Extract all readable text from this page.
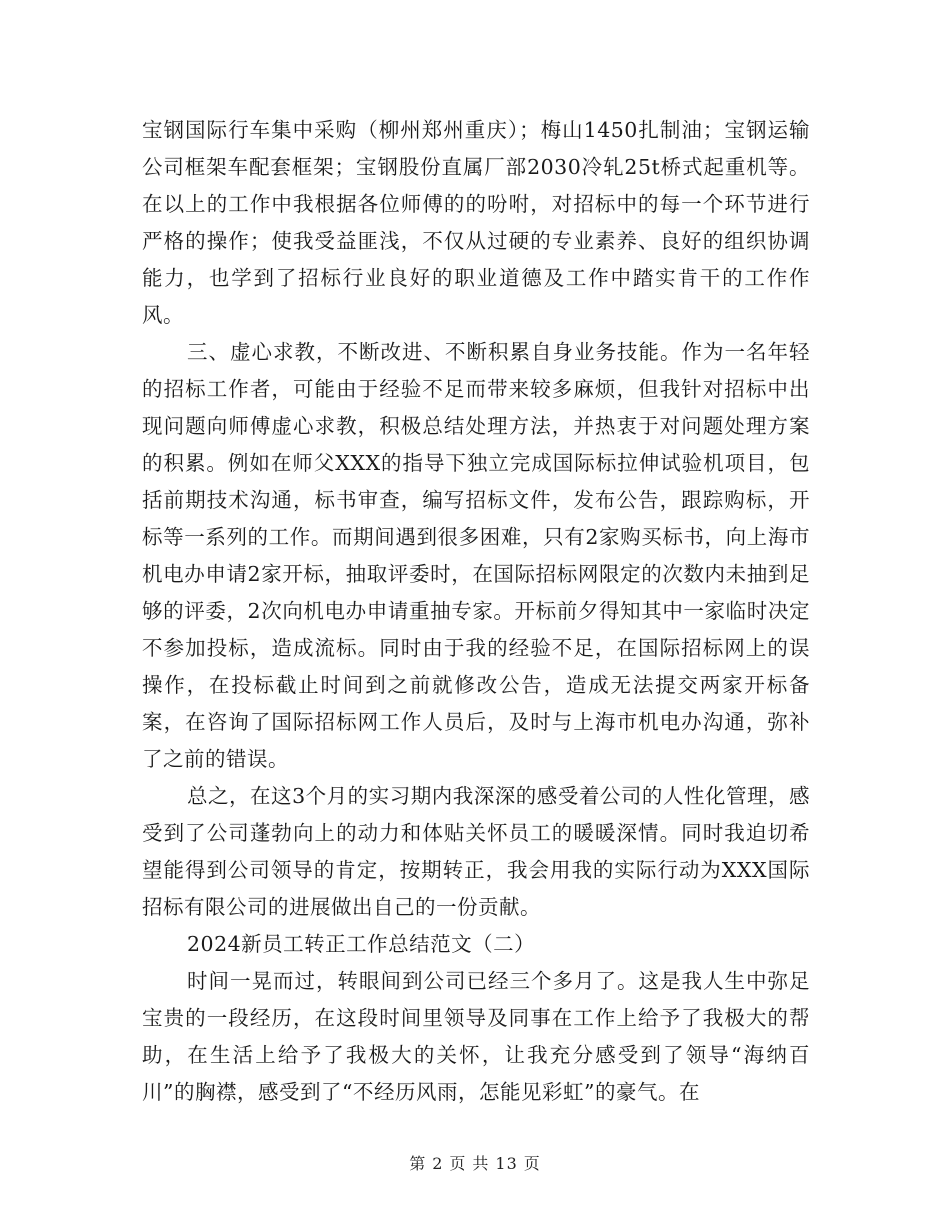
宝钢国际行车集中采购（柳州郑州重庆）；梅山1450扎制油；宝钢运输公司框架车配套框架；宝钢股份直属厂部2030冷轧25t桥式起重机等。在以上的工作中我根据各位师傅的的吩咐，对招标中的每一个环节进行严格的操作；使我受益匪浅，不仅从过硬的专业素养、良好的组织协调能力，也学到了招标行业良好的职业道德及工作中踏实肯干的工作作风。

三、虚心求教，不断改进、不断积累自身业务技能。作为一名年轻的招标工作者，可能由于经验不足而带来较多麻烦，但我针对招标中出现问题向师傅虚心求教，积极总结处理方法，并热衷于对问题处理方案的积累。例如在师父XXX的指导下独立完成国际标拉伸试验机项目，包括前期技术沟通，标书审查，编写招标文件，发布公告，跟踪购标，开标等一系列的工作。而期间遇到很多困难，只有2家购买标书，向上海市机电办申请2家开标，抽取评委时，在国际招标网限定的次数内未抽到足够的评委，2次向机电办申请重抽专家。开标前夕得知其中一家临时决定不参加投标，造成流标。同时由于我的经验不足，在国际招标网上的误操作，在投标截止时间到之前就修改公告，造成无法提交两家开标备案，在咨询了国际招标网工作人员后，及时与上海市机电办沟通，弥补了之前的错误。

总之，在这3个月的实习期内我深深的感受着公司的人性化管理，感受到了公司蓬勃向上的动力和体贴关怀员工的暖暖深情。同时我迫切希望能得到公司领导的肯定，按期转正，我会用我的实际行动为XXX国际招标有限公司的进展做出自己的一份贡献。

2024新员工转正工作总结范文（二）

时间一晃而过，转眼间到公司已经三个多月了。这是我人生中弥足宝贵的一段经历，在这段时间里领导及同事在工作上给予了我极大的帮助，在生活上给予了我极大的关怀，让我充分感受到了领导“海纳百川”的胸襟，感受到了“不经历风雨，怎能见彩虹”的豪气。在

第 2 页 共 13 页
